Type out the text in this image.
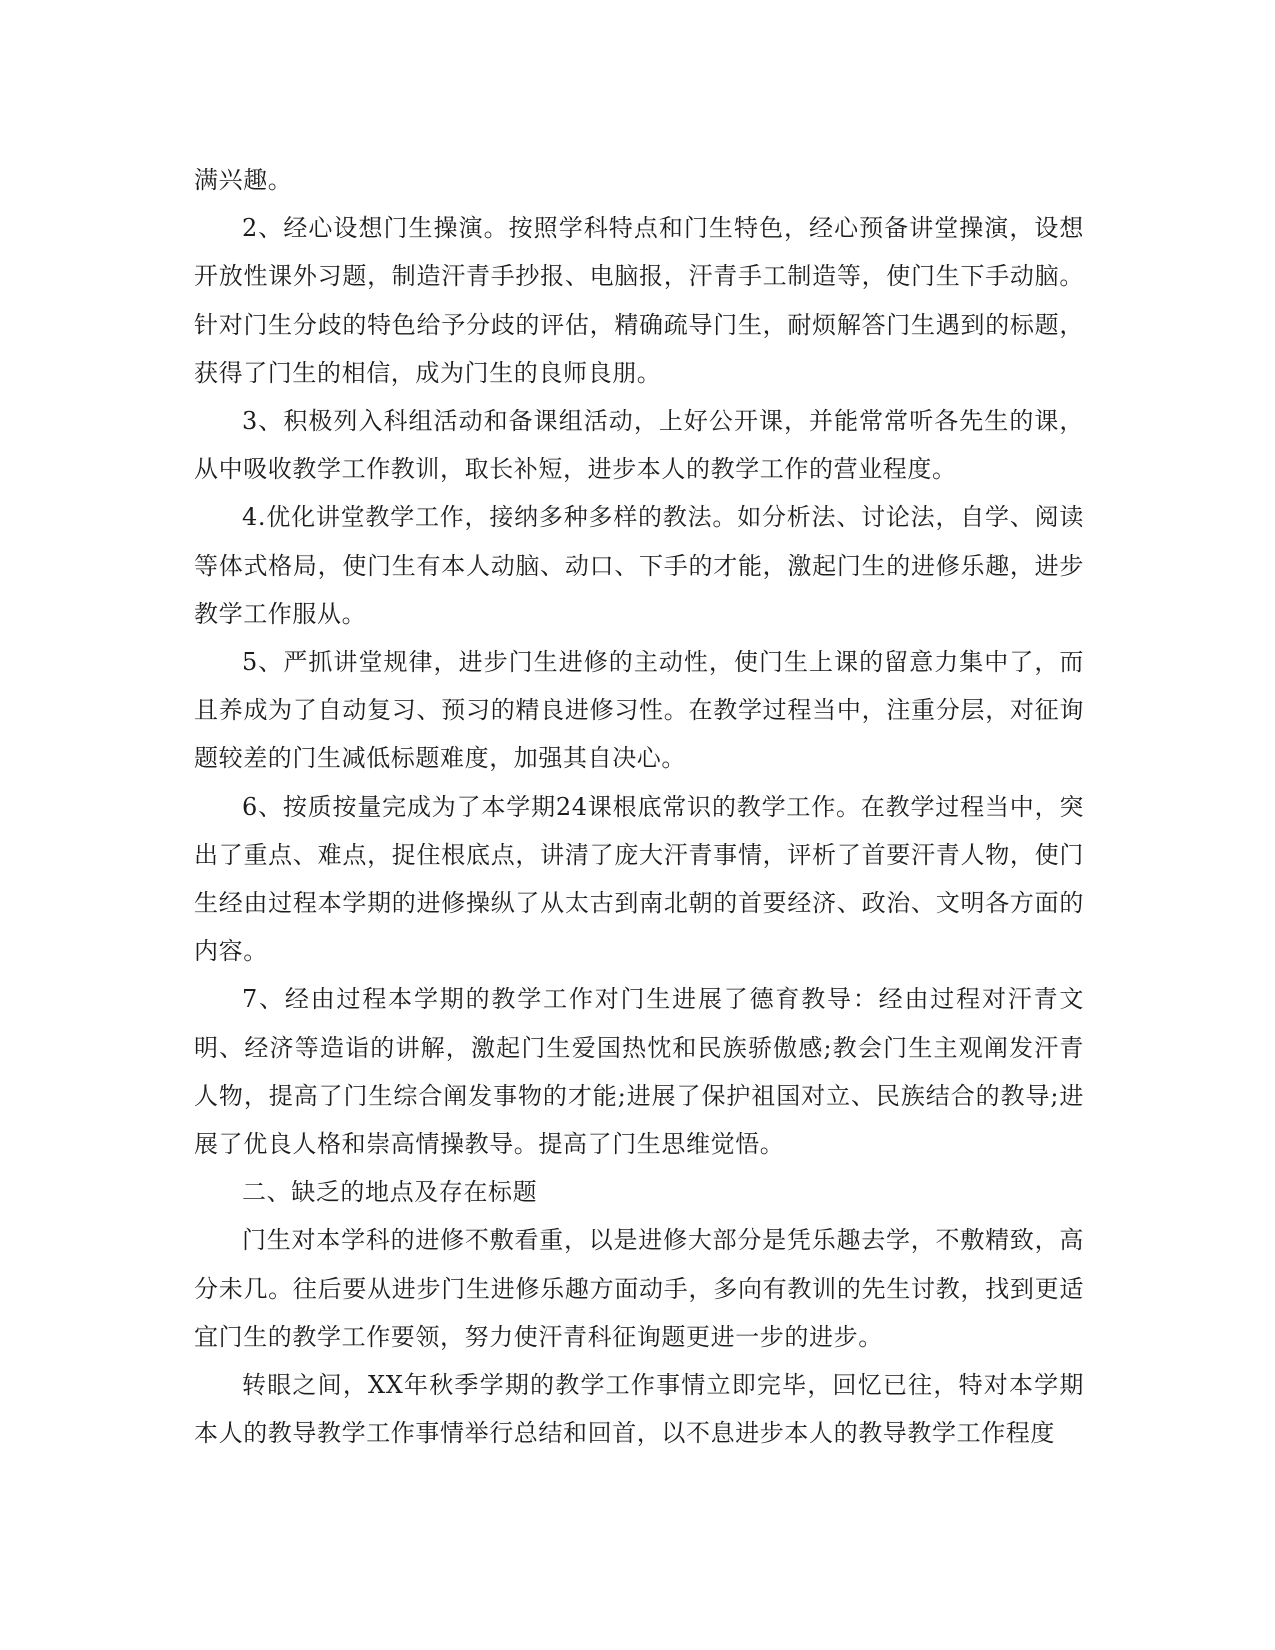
满兴趣。

2、经心设想门生操演。按照学科特点和门生特色，经心预备讲堂操演，设想开放性课外习题，制造汗青手抄报、电脑报，汗青手工制造等，使门生下手动脑。针对门生分歧的特色给予分歧的评估，精确疏导门生，耐烦解答门生遇到的标题，获得了门生的相信，成为门生的良师良朋。

3、积极列入科组活动和备课组活动，上好公开课，并能常常听各先生的课，从中吸收教学工作教训，取长补短，进步本人的教学工作的营业程度。

4.优化讲堂教学工作，接纳多种多样的教法。如分析法、讨论法，自学、阅读等体式格局，使门生有本人动脑、动口、下手的才能，激起门生的进修乐趣，进步教学工作服从。

5、严抓讲堂规律，进步门生进修的主动性，使门生上课的留意力集中了，而且养成为了自动复习、预习的精良进修习性。在教学过程当中，注重分层，对征询题较差的门生减低标题难度，加强其自决心。

6、按质按量完成为了本学期24课根底常识的教学工作。在教学过程当中，突出了重点、难点，捉住根底点，讲清了庞大汗青事情，评析了首要汗青人物，使门生经由过程本学期的进修操纵了从太古到南北朝的首要经济、政治、文明各方面的内容。

7、经由过程本学期的教学工作对门生进展了德育教导：经由过程对汗青文明、经济等造诣的讲解，激起门生爱国热忱和民族骄傲感;教会门生主观阐发汗青人物，提高了门生综合阐发事物的才能;进展了保护祖国对立、民族结合的教导;进展了优良人格和崇高情操教导。提高了门生思维觉悟。

二、缺乏的地点及存在标题

门生对本学科的进修不敷看重，以是进修大部分是凭乐趣去学，不敷精致，高分未几。往后要从进步门生进修乐趣方面动手，多向有教训的先生讨教，找到更适宜门生的教学工作要领，努力使汗青科征询题更进一步的进步。

转眼之间，XX年秋季学期的教学工作事情立即完毕，回忆已往，特对本学期本人的教导教学工作事情举行总结和回首，以不息进步本人的教导教学工作程度
